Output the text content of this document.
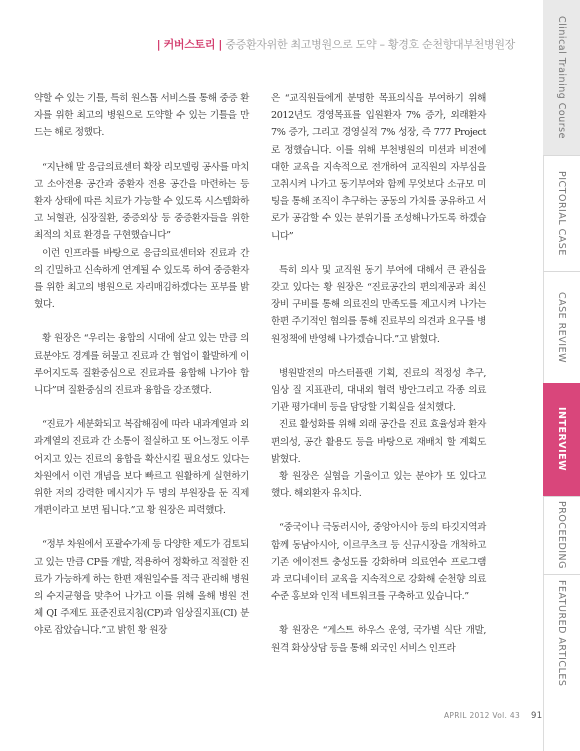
| 커버스토리 | 중증환자위한 최고병원으로 도약 – 황경호 순천향대부천병원장

약할 수 있는 기틀, 특히 원스톱 서비스를 통해 중증 환자를 위한 최고의 병원으로 도약할 수 있는 기틀을 만드는 해로 정했다.

“지난해 말 응급의료센터 확장 리모델링 공사를 마치고 소아전용 공간과 중환자 전용 공간을 마련하는 등 환자 상태에 따른 치료가 가능할 수 있도록 시스템화하고 뇌혈관, 심장질환, 중증외상 등 중증환자들을 위한 최적의 치료 환경을 구현했습니다”

이런 인프라를 바탕으로 응급의료센터와 진료과 간의 긴밀하고 신속하게 연계될 수 있도록 하여 중증환자를 위한 최고의 병원으로 자리매김하겠다는 포부를 밝혔다.

황 원장은 “우리는 융합의 시대에 살고 있는 만큼 의료분야도 경계를 허물고 진료과 간 협업이 활발하게 이루어지도록 질환중심으로 진료과를 융합해 나가야 합니다”며 질환중심의 진료과 융합을 강조했다.

“진료가 세분화되고 복잡해짐에 따라 내과계열과 외과계열의 진료과 간 소통이 절실하고 또 어느정도 이루어지고 있는 진료의 융합을 확산시킬 필요성도 있다는 차원에서 이런 개념을 보다 빠르고 원활하게 실현하기 위한 저의 강력한 메시지가 두 명의 부원장을 둔 직제 개편이라고 보면 됩니다.”고 황 원장은 피력했다.

“정부 차원에서 포괄수가제 등 다양한 제도가 검토되고 있는 만큼 CP를 개발, 적용하여 정확하고 적절한 진료가 가능하게 하는 한편 재원일수를 적극 관리해 병원의 수지균형을 맞추어 나가고 이를 위해 올해 병원 전체 QI 주제도 표준진료지침(CP)과 임상질지표(CI) 분야로 잡았습니다.”고 밝힌 황 원장

은 “교직원들에게 분명한 목표의식을 부여하기 위해 2012년도 경영목표를 입원환자 7% 증가, 외래환자 7% 증가, 그리고 경영실적 7% 성장, 즉 777 Project로 정했습니다. 이를 위해 부천병원의 미션과 비전에 대한 교육을 지속적으로 전개하여 교직원의 자부심을 고취시켜 나가고 동기부여와 함께 무엇보다 소규모 미팅을 통해 조직이 추구하는 공동의 가치를 공유하고 서로가 공감할 수 있는 분위기를 조성해나가도록 하겠습니다”

특히 의사 및 교직원 동기 부여에 대해서 큰 관심을 갖고 있다는 황 원장은 “진료공간의 편의제공과 최신장비 구비를 통해 의료진의 만족도를 제고시켜 나가는 한편 주기적인 협의를 통해 진료부의 의견과 요구를 병원정책에 반영해 나가겠습니다.”고 밝혔다.

병원발전의 마스터플랜 기획, 진료의 적정성 추구, 임상 질 지표관리, 대내외 협력 방안그리고 각종 의료기관 평가대비 등을 담당할 기획실을 설치했다.

진료 활성화를 위해 외래 공간을 진료 효율성과 환자 편의성, 공간 활용도 등을 바탕으로 재배치 할 계획도 밝혔다.

황 원장은 실협을 기울이고 있는 분야가 또 있다고 했다. 해외환자 유치다.

“중국이나 극동러시아, 중앙아시아 등의 타깃지역과 함께 동남아시아, 이르쿠츠크 등 신규시장을 개척하고 기존 에이전트 충성도를 강화하며 의료연수 프로그램과 코디네이터 교육을 지속적으로 강화해 순천향 의료수준 홍보와 인적 네트워크를 구축하고 있습니다.”

황 원장은 “게스트 하우스 운영, 국가별 식단 개발, 원격 화상상담 등을 통해 외국인 서비스 인프라

Clinical Training Course
PICTORIAL CASE
CASE REVIEW
INTERVIEW
PROCEEDING
FEATURED ARTICLES
APRIL 2012 Vol. 43 91
